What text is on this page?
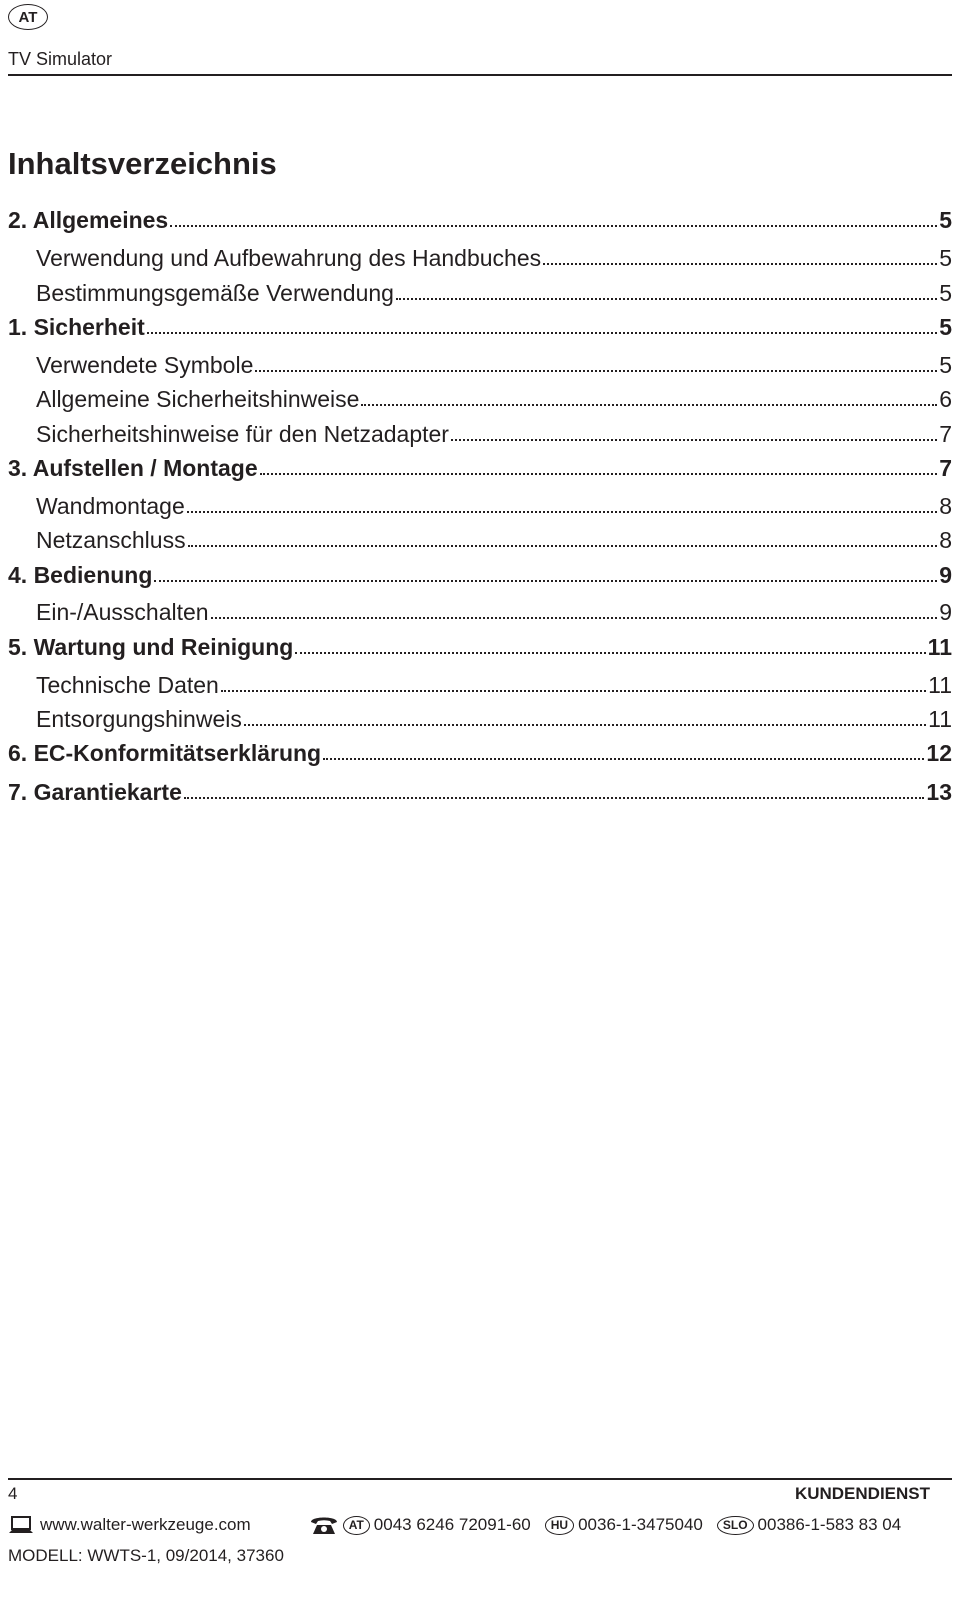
AT
TV Simulator
Inhaltsverzeichnis
2. Allgemeines	5
Verwendung und Aufbewahrung des Handbuches	5
Bestimmungsgemäße Verwendung	5
1. Sicherheit	5
Verwendete Symbole	5
Allgemeine Sicherheitshinweise	6
Sicherheitshinweise für den Netzadapter	7
3. Aufstellen / Montage	7
Wandmontage	8
Netzanschluss	8
4. Bedienung	9
Ein-/Ausschalten	9
5. Wartung und Reinigung	11
Technische Daten	11
Entsorgungshinweis	11
6. EC-Konformitätserklärung	12
7. Garantiekarte	13
4	KUNDENDIENST
www.walter-werkzeuge.com	AT 0043 6246 72091-60	HU 0036-1-3475040	SLO 00386-1-583 83 04
MODELL: WWTS-1, 09/2014, 37360
